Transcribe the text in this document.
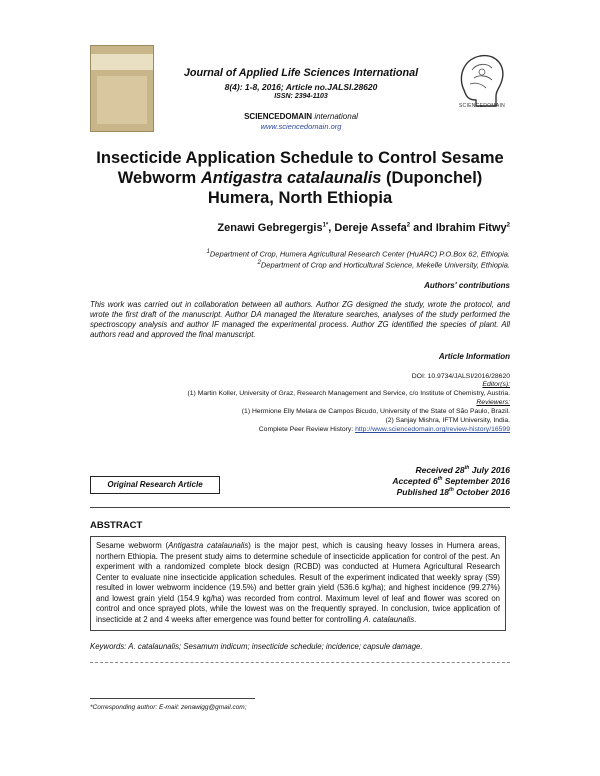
Journal of Applied Life Sciences International
8(4): 1-8, 2016; Article no.JALSI.28620
ISSN: 2394-1103
SCIENCEDOMAIN international
www.sciencedomain.org
SCIENCEDOMAIN
Insecticide Application Schedule to Control Sesame
Webworm Antigastra catalaunalis (Duponchel)
Humera, North Ethiopia
Zenawi Gebregergis$^{1*}$, Dereje Assefa$^2$ and Ibrahim Fitwy$^2$
$^1$Department of Crop, Humera Agricultural Research Center (HuARC) P.O.Box 62, Ethiopia.
$^2$Department of Crop and Horticultural Science, Mekelle University, Ethiopia.
Authors' contributions
This work was carried out in collaboration between all authors. Author ZG designed the study, wrote the protocol, and wrote the first draft of the manuscript. Author DA managed the literature searches, analyses of the study performed the spectroscopy analysis and author IF managed the experimental process. Author ZG identified the species of plant. All authors read and approved the final manuscript.
Article Information
DOI: 10.9734/JALSI/2016/28620
Editor(s):
(1) Martin Koller, University of Graz, Research Management and Service, c/o Institute of Chemistry, Austria.
Reviewers:
(1) Hermione Elly Melara de Campos Bicudo, University of the State of São Paulo, Brazil.
(2) Sanjay Mishra, IFTM University, India.
Complete Peer Review History: http://www.sciencedomain.org/review-history/16599
Received 28th July 2016
Accepted 6th September 2016
Published 18th October 2016
Original Research Article
ABSTRACT
Sesame webworm (Antigastra catalaunalis) is the major pest, which is causing heavy losses in Humera areas, northern Ethiopia. The present study aims to determine schedule of insecticide application for control of the pest. An experiment with a randomized complete block design (RCBD) was conducted at Humera Agricultural Research Center to evaluate nine insecticide application schedules. Result of the experiment indicated that weekly spray (S9) resulted in lower webworm incidence (19.5%) and better grain yield (536.6 kg/ha); and highest incidence (99.27%) and lowest grain yield (154.9 kg/ha) was recorded from control. Maximum level of leaf and flower was scored on control and once sprayed plots, while the lowest was on the frequently sprayed. In conclusion, twice application of insecticide at 2 and 4 weeks after emergence was found better for controlling A. catalaunalis.
Keywords: A. catalaunalis; Sesamum indicum; insecticide schedule; incidence; capsule damage.
*Corresponding author: E-mail: zenawigg@gmail.com;
